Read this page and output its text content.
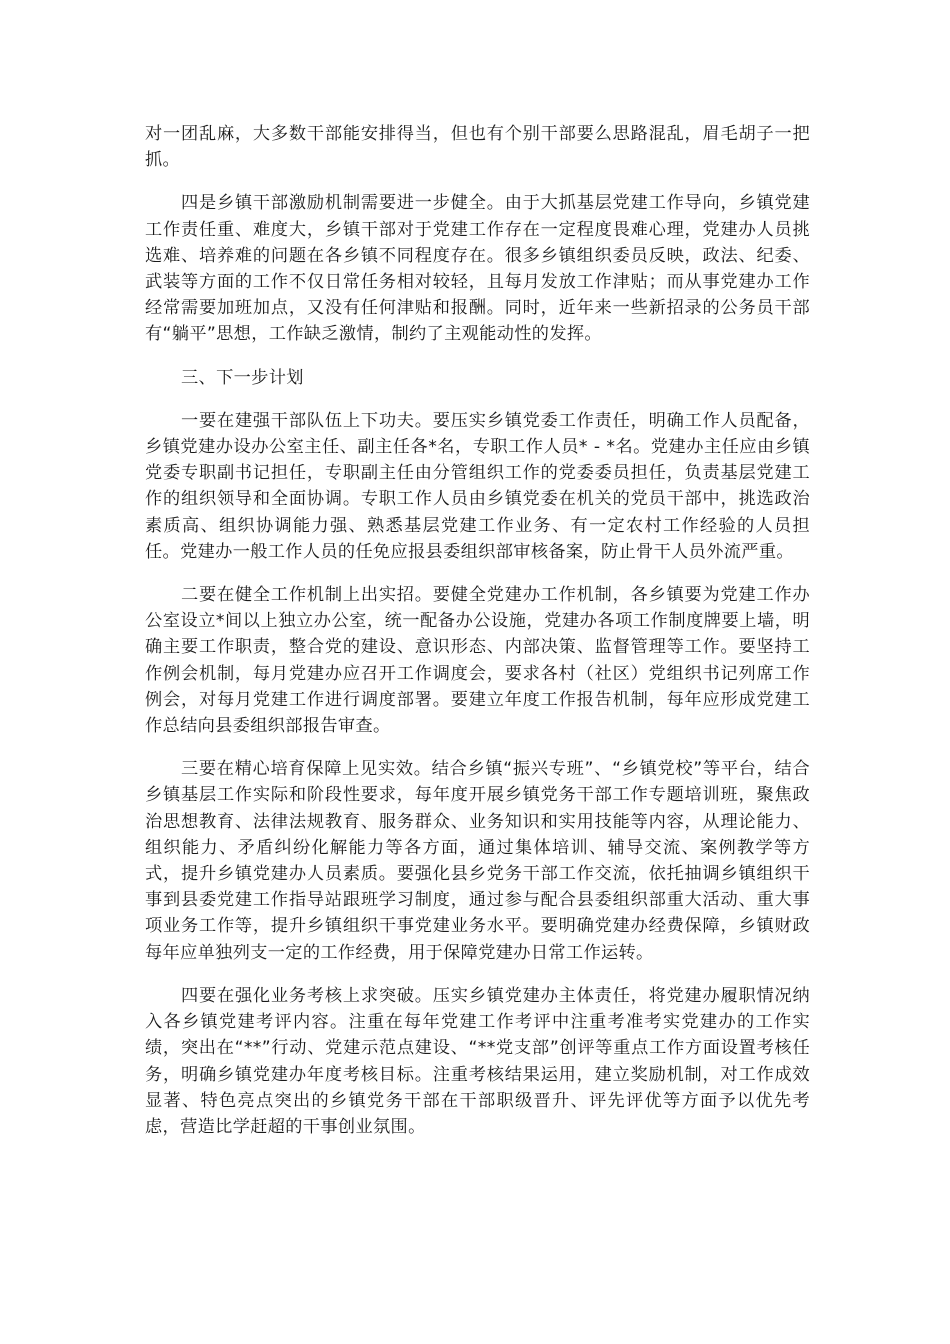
对一团乱麻，大多数干部能安排得当，但也有个别干部要么思路混乱，眉毛胡子一把抓。

四是乡镇干部激励机制需要进一步健全。由于大抓基层党建工作导向，乡镇党建工作责任重、难度大，乡镇干部对于党建工作存在一定程度畏难心理，党建办人员挑选难、培养难的问题在各乡镇不同程度存在。很多乡镇组织委员反映，政法、纪委、武装等方面的工作不仅日常任务相对较轻，且每月发放工作津贴；而从事党建办工作经常需要加班加点，又没有任何津贴和报酬。同时，近年来一些新招录的公务员干部有“躺平”思想，工作缺乏激情，制约了主观能动性的发挥。

三、下一步计划

一要在建强干部队伍上下功夫。要压实乡镇党委工作责任，明确工作人员配备，乡镇党建办设办公室主任、副主任各*名，专职工作人员* - *名。党建办主任应由乡镇党委专职副书记担任，专职副主任由分管组织工作的党委委员担任，负责基层党建工作的组织领导和全面协调。专职工作人员由乡镇党委在机关的党员干部中，挑选政治素质高、组织协调能力强、熟悉基层党建工作业务、有一定农村工作经验的人员担任。党建办一般工作人员的任免应报县委组织部审核备案，防止骨干人员外流严重。

二要在健全工作机制上出实招。要健全党建办工作机制，各乡镇要为党建工作办公室设立*间以上独立办公室，统一配备办公设施，党建办各项工作制度牌要上墙，明确主要工作职责，整合党的建设、意识形态、内部决策、监督管理等工作。要坚持工作例会机制，每月党建办应召开工作调度会，要求各村（社区）党组织书记列席工作例会，对每月党建工作进行调度部署。要建立年度工作报告机制，每年应形成党建工作总结向县委组织部报告审查。

三要在精心培育保障上见实效。结合乡镇“振兴专班”、“乡镇党校”等平台，结合乡镇基层工作实际和阶段性要求，每年度开展乡镇党务干部工作专题培训班，聚焦政治思想教育、法律法规教育、服务群众、业务知识和实用技能等内容，从理论能力、组织能力、矛盾纠纷化解能力等各方面，通过集体培训、辅导交流、案例教学等方式，提升乡镇党建办人员素质。要强化县乡党务干部工作交流，依托抽调乡镇组织干事到县委党建工作指导站跟班学习制度，通过参与配合县委组织部重大活动、重大事项业务工作等，提升乡镇组织干事党建业务水平。要明确党建办经费保障，乡镇财政每年应单独列支一定的工作经费，用于保障党建办日常工作运转。

四要在强化业务考核上求突破。压实乡镇党建办主体责任，将党建办履职情况纳入各乡镇党建考评内容。注重在每年党建工作考评中注重考准考实党建办的工作实绩，突出在“**”行动、党建示范点建设、“**党支部”创评等重点工作方面设置考核任务，明确乡镇党建办年度考核目标。注重考核结果运用，建立奖励机制，对工作成效显著、特色亮点突出的乡镇党务干部在干部职级晋升、评先评优等方面予以优先考虑，营造比学赶超的干事创业氛围。
